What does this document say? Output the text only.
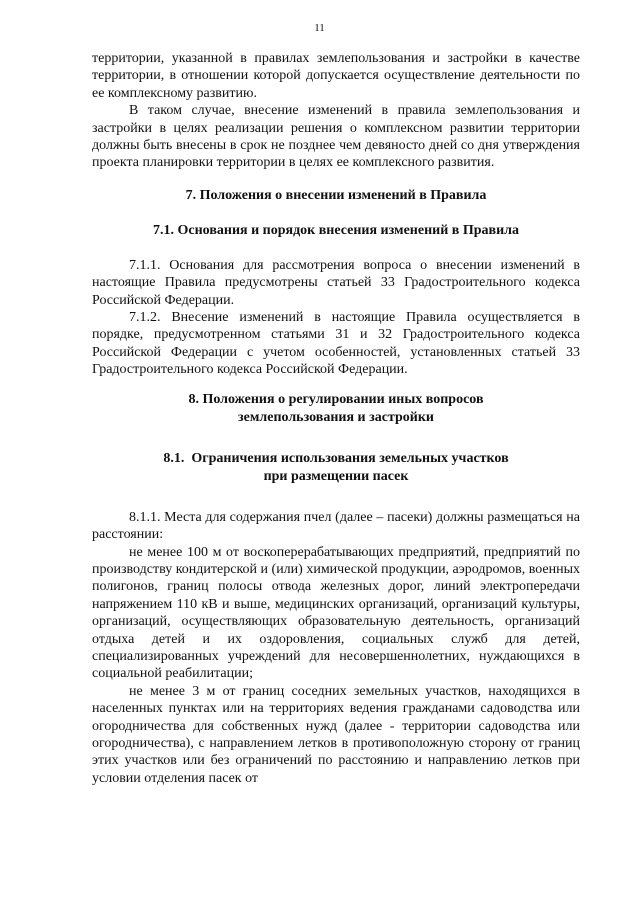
11

территории, указанной в правилах землепользования и застройки в качестве территории, в отношении которой допускается осуществление деятельности по ее комплексному развитию.

В таком случае, внесение изменений в правила землепользования и застройки в целях реализации решения о комплексном развитии территории должны быть внесены в срок не позднее чем девяносто дней со дня утверждения проекта планировки территории в целях ее комплексного развития.

7. Положения о внесении изменений в Правила
7.1. Основания и порядок внесения изменений в Правила

7.1.1. Основания для рассмотрения вопроса о внесении изменений в настоящие Правила предусмотрены статьей 33 Градостроительного кодекса Российской Федерации.

7.1.2. Внесение изменений в настоящие Правила осуществляется в порядке, предусмотренном статьями 31 и 32 Градостроительного кодекса Российской Федерации с учетом особенностей, установленных статьей 33 Градостроительного кодекса Российской Федерации.

8. Положения о регулировании иных вопросов
землепользования и застройки
8.1.  Ограничения использования земельных участков
при размещении пасек

8.1.1. Места для содержания пчел (далее – пасеки) должны размещаться на расстоянии:

не менее 100 м от воскоперерабатывающих предприятий, предприятий по производству кондитерской и (или) химической продукции, аэродромов, военных полигонов, границ полосы отвода железных дорог, линий электропередачи напряжением 110 кВ и выше, медицинских организаций, организаций культуры, организаций, осуществляющих образовательную деятельность, организаций отдыха детей и их оздоровления, социальных служб для детей, специализированных учреждений для несовершеннолетних, нуждающихся в социальной реабилитации;

не менее 3 м от границ соседних земельных участков, находящихся в населенных пунктах или на территориях ведения гражданами садоводства или огородничества для собственных нужд (далее - территории садоводства или огородничества), с направлением летков в противоположную сторону от границ этих участков или без ограничений по расстоянию и направлению летков при условии отделения пасек от
